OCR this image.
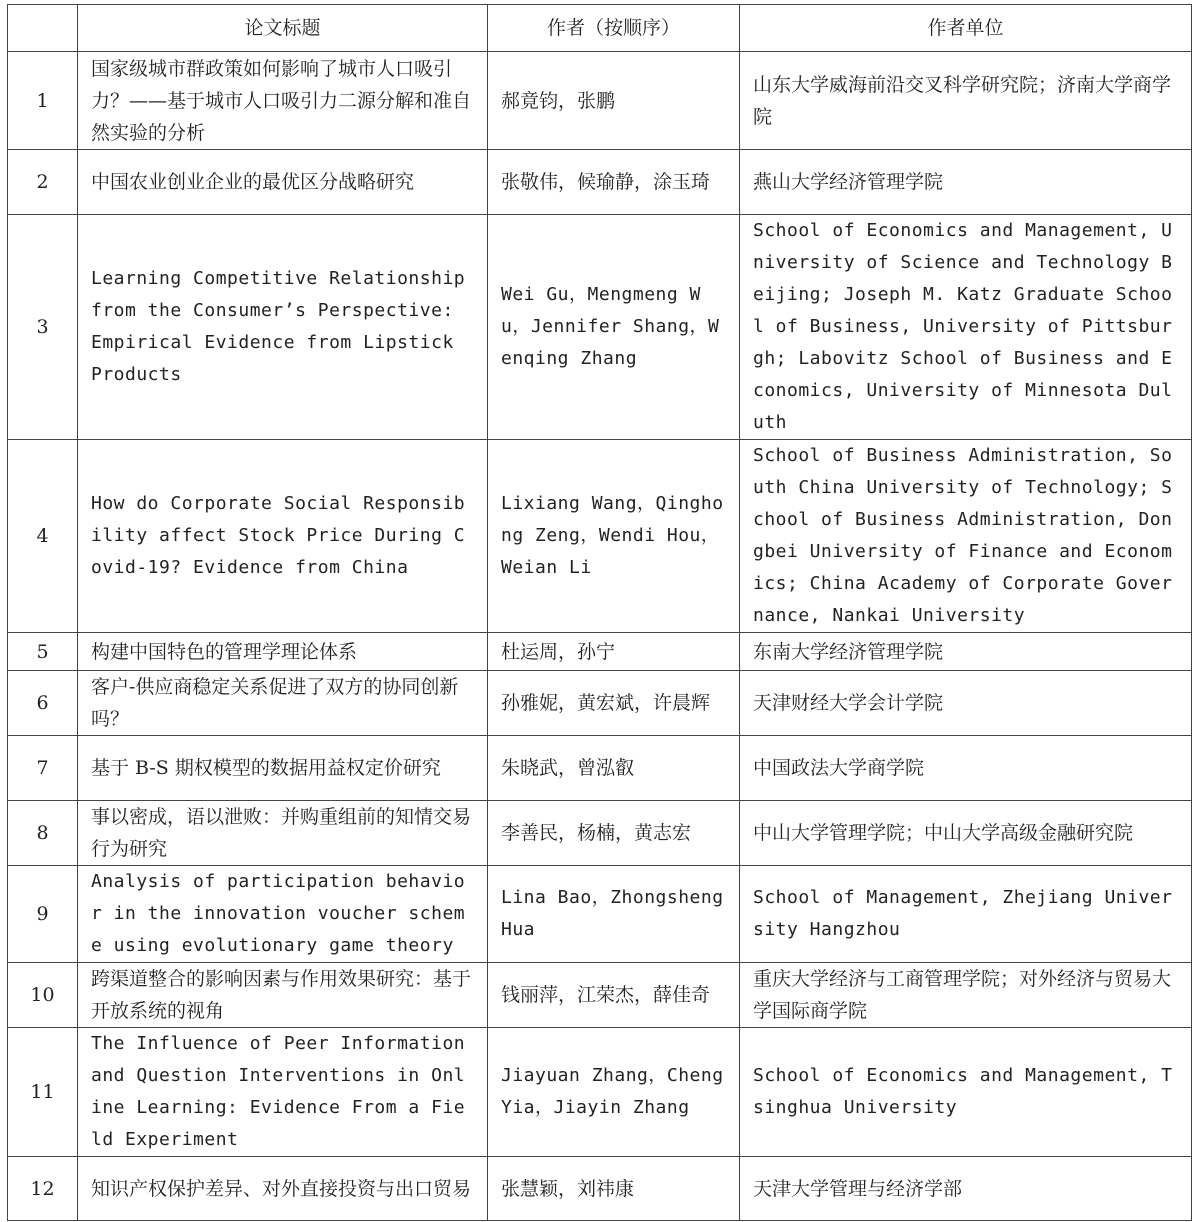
	论文标题	作者（按顺序）	作者单位
1	国家级城市群政策如何影响了城市人口吸引力？——基于城市人口吸引力二源分解和准自然实验的分析	郝竟钧，张鹏	山东大学威海前沿交叉科学研究院；济南大学商学院
2	中国农业创业企业的最优区分战略研究	张敬伟，候瑜静，涂玉琦	燕山大学经济管理学院
3	Learning Competitive Relationship from the Consumer’s Perspective: Empirical Evidence from Lipstick Products	Wei Gu，Mengmeng Wu，Jennifer Shang，Wenqing Zhang	School of Economics and Management, University of Science and Technology Beijing; Joseph M. Katz Graduate School of Business, University of Pittsburgh; Labovitz School of Business and Economics, University of Minnesota Duluth
4	How do Corporate Social Responsibility affect Stock Price During Covid-19? Evidence from China	Lixiang Wang，Qinghong Zeng，Wendi Hou，Weian Li	School of Business Administration, South China University of Technology; School of Business Administration, Dongbei University of Finance and Economics; China Academy of Corporate Governance, Nankai University
5	构建中国特色的管理学理论体系	杜运周，孙宁	东南大学经济管理学院
6	客户-供应商稳定关系促进了双方的协同创新吗？	孙雅妮，黄宏斌，许晨辉	天津财经大学会计学院
7	基于 B-S 期权模型的数据用益权定价研究	朱晓武，曾泓叡	中国政法大学商学院
8	事以密成，语以泄败：并购重组前的知情交易行为研究	李善民，杨楠，黄志宏	中山大学管理学院；中山大学高级金融研究院
9	Analysis of participation behavior in the innovation voucher scheme using evolutionary game theory	Lina Bao，Zhongsheng Hua	School of Management, Zhejiang University Hangzhou
10	跨渠道整合的影响因素与作用效果研究：基于开放系统的视角	钱丽萍，江荣杰，薛佳奇	重庆大学经济与工商管理学院；对外经济与贸易大学国际商学院
11	The Influence of Peer Information and Question Interventions in Online Learning: Evidence From a Field Experiment	Jiayuan Zhang，Cheng Yia，Jiayin Zhang	School of Economics and Management, Tsinghua University
12	知识产权保护差异、对外直接投资与出口贸易	张慧颖，刘祎康	天津大学管理与经济学部
